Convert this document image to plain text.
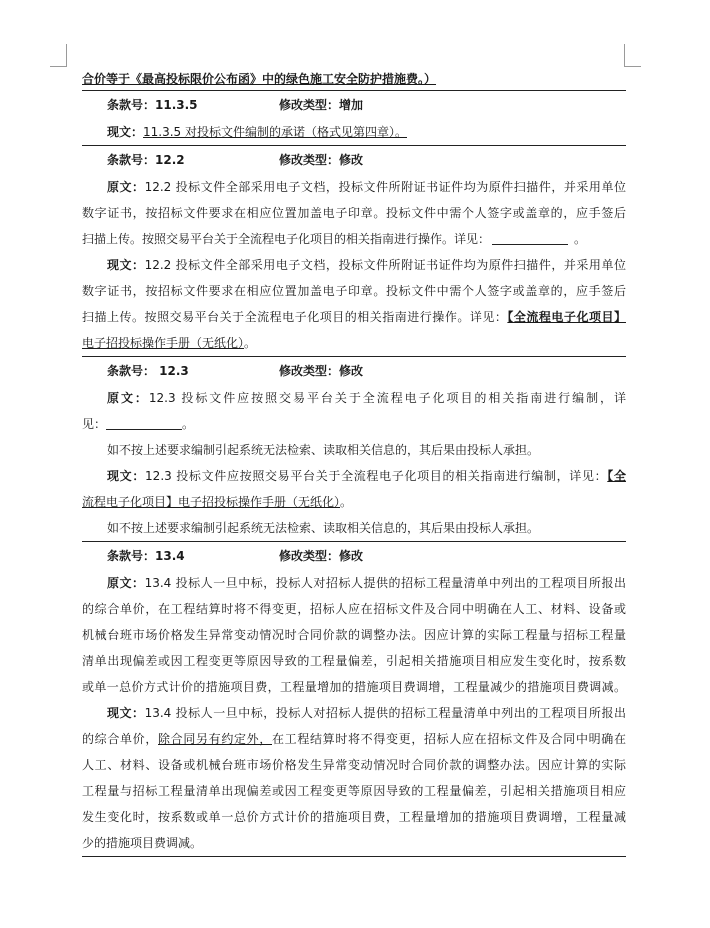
合价等于《最高投标限价公布函》中的绿色施工安全防护措施费。）
条款号：11.3.5	修改类型：增加
现文：11.3.5 对投标文件编制的承诺（格式见第四章）。
条款号：12.2	修改类型：修改
原文：12.2 投标文件全部采用电子文档，投标文件所附证书证件均为原件扫描件，并采用单位
数字证书，按招标文件要求在相应位置加盖电子印章。投标文件中需个人签字或盖章的，应手签后
扫描上传。按照交易平台关于全流程电子化项目的相关指南进行操作。详见：	。
现文：12.2 投标文件全部采用电子文档，投标文件所附证书证件均为原件扫描件，并采用单位
数字证书，按招标文件要求在相应位置加盖电子印章。投标文件中需个人签字或盖章的，应手签后
扫描上传。按照交易平台关于全流程电子化项目的相关指南进行操作。详见：【全流程电子化项目】
电子招投标操作手册（无纸化）。
条款号： 12.3	修改类型：修改
原文：12.3 投标文件应按照交易平台关于全流程电子化项目的相关指南进行编制，详
见：	。
如不按上述要求编制引起系统无法检索、读取相关信息的，其后果由投标人承担。
现文：12.3 投标文件应按照交易平台关于全流程电子化项目的相关指南进行编制，详见：【全
流程电子化项目】电子招投标操作手册（无纸化）。
如不按上述要求编制引起系统无法检索、读取相关信息的，其后果由投标人承担。
条款号：13.4	修改类型：修改
原文：13.4 投标人一旦中标，投标人对招标人提供的招标工程量清单中列出的工程项目所报出
的综合单价，在工程结算时将不得变更，招标人应在招标文件及合同中明确在人工、材料、设备或
机械台班市场价格发生异常变动情况时合同价款的调整办法。因应计算的实际工程量与招标工程量
清单出现偏差或因工程变更等原因导致的工程量偏差，引起相关措施项目相应发生变化时，按系数
或单一总价方式计价的措施项目费，工程量增加的措施项目费调增，工程量减少的措施项目费调减。
现文：13.4 投标人一旦中标，投标人对招标人提供的招标工程量清单中列出的工程项目所报出
的综合单价，除合同另有约定外，在工程结算时将不得变更，招标人应在招标文件及合同中明确在
人工、材料、设备或机械台班市场价格发生异常变动情况时合同价款的调整办法。因应计算的实际
工程量与招标工程量清单出现偏差或因工程变更等原因导致的工程量偏差，引起相关措施项目相应
发生变化时，按系数或单一总价方式计价的措施项目费，工程量增加的措施项目费调增，工程量减
少的措施项目费调减。
